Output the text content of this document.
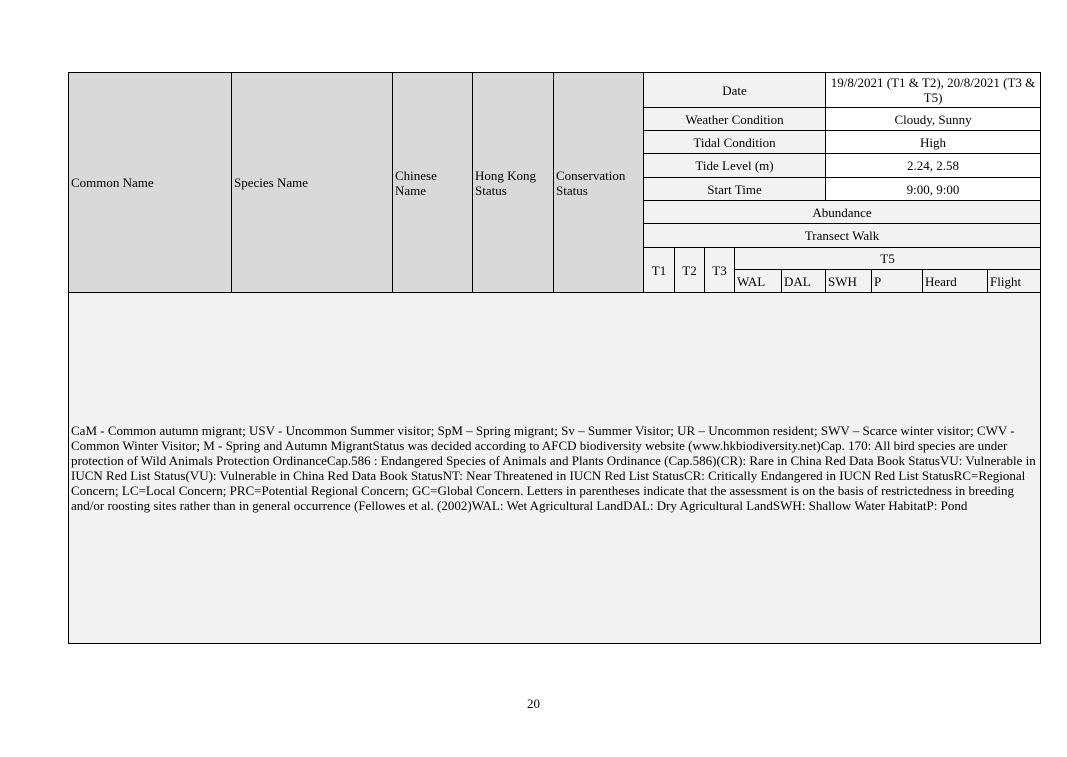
Common Name	Species Name	Chinese Name	Hong Kong Status	Conservation Status	Date					19/8/2021 (T1 & T2), 20/8/2021 (T3 & T5)			
					Weather Condition					Cloudy, Sunny			
					Tidal Condition					High			
					Tide Level (m)					2.24, 2.58			
					Start Time					9:00, 9:00			
					Abundance								
					Transect Walk								
					T1	T2	T3	T5					
								WAL	DAL	SWH	P	Heard	Flight
CaM - Common autumn migrant; USV - Uncommon Summer visitor; SpM – Spring migrant; Sv – Summer Visitor; UR – Uncommon resident; SWV – Scarce winter visitor; CWV - Common Winter Visitor; M - Spring and Autumn MigrantStatus was decided according to AFCD biodiversity website (www.hkbiodiversity.net)Cap. 170: All bird species are under protection of Wild Animals Protection OrdinanceCap.586 : Endangered Species of Animals and Plants Ordinance (Cap.586)(CR): Rare in China Red Data Book StatusVU: Vulnerable in IUCN Red List Status(VU): Vulnerable in China Red Data Book StatusNT: Near Threatened in IUCN Red List StatusCR: Critically Endangered in IUCN Red List StatusRC=Regional Concern; LC=Local Concern; PRC=Potential Regional Concern; GC=Global Concern. Letters in parentheses indicate that the assessment is on the basis of restrictedness in breeding and/or roosting sites rather than in general occurrence (Fellowes et al. (2002)WAL: Wet Agricultural LandDAL: Dry Agricultural LandSWH: Shallow Water HabitatP: Pond													
20
